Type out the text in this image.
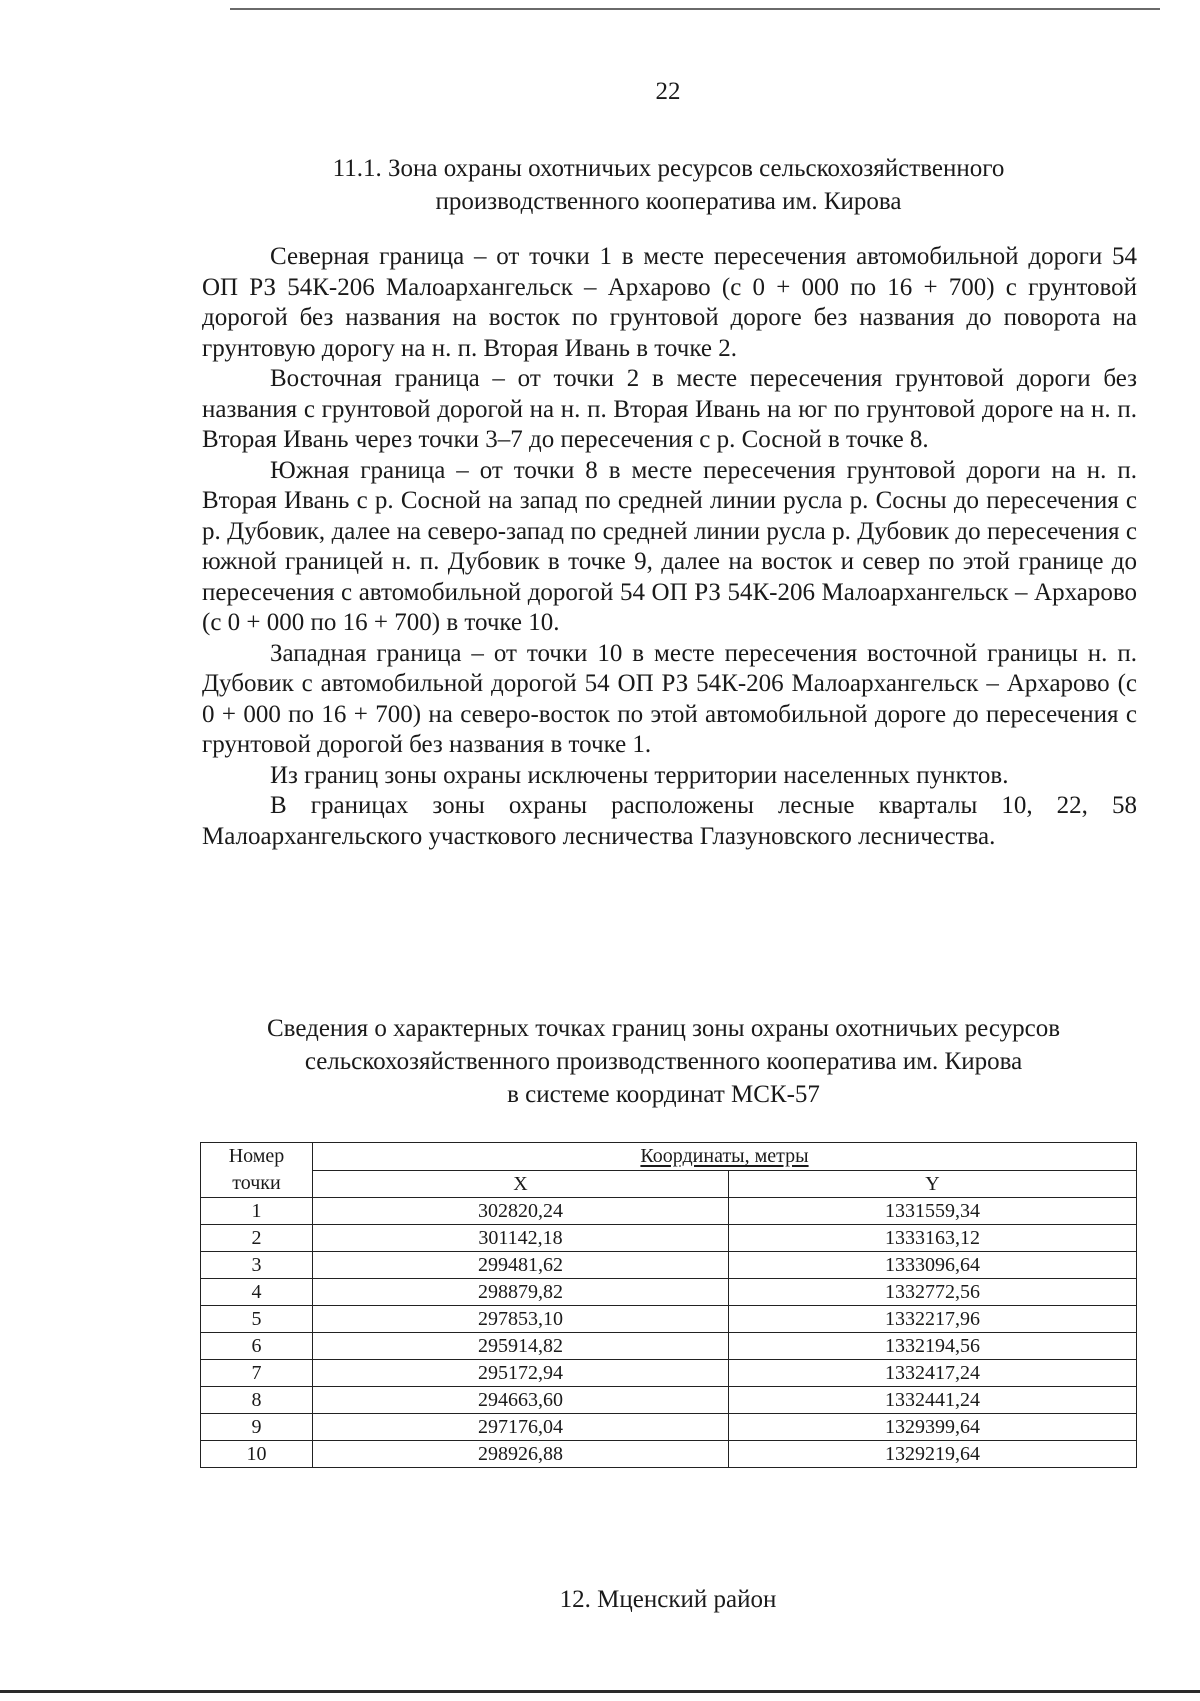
22
11.1. Зона охраны охотничьих ресурсов сельскохозяйственного
производственного кооператива им. Кирова

Северная граница – от точки 1 в месте пересечения автомобильной дороги 54 ОП РЗ 54К-206 Малоархангельск – Архарово (с 0 + 000 по 16 + 700) с грунтовой дорогой без названия на восток по грунтовой дороге без названия до поворота на грунтовую дорогу на н. п. Вторая Ивань в точке 2.

Восточная граница – от точки 2 в месте пересечения грунтовой дороги без названия с грунтовой дорогой на н. п. Вторая Ивань на юг по грунтовой дороге на н. п. Вторая Ивань через точки 3–7 до пересечения с р. Сосной в точке 8.

Южная граница – от точки 8 в месте пересечения грунтовой дороги на н. п. Вторая Ивань с р. Сосной на запад по средней линии русла р. Сосны до пересечения с р. Дубовик, далее на северо-запад по средней линии русла р. Дубовик до пересечения с южной границей н. п. Дубовик в точке 9, далее на восток и север по этой границе до пересечения с автомобильной дорогой 54 ОП РЗ 54К-206 Малоархангельск – Архарово (с 0 + 000 по 16 + 700) в точке 10.

Западная граница – от точки 10 в месте пересечения восточной границы н. п. Дубовик с автомобильной дорогой 54 ОП РЗ 54К-206 Малоархангельск – Архарово (с 0 + 000 по 16 + 700) на северо-восток по этой автомобильной дороге до пересечения с грунтовой дорогой без названия в точке 1.

Из границ зоны охраны исключены территории населенных пунктов.

В границах зоны охраны расположены лесные кварталы 10, 22, 58 Малоархангельского участкового лесничества Глазуновского лесничества.

Сведения о характерных точках границ зоны охраны охотничьих ресурсов
сельскохозяйственного производственного кооператива им. Кирова
в системе координат МСК-57
Номер
точки	Координаты, метры	
	X	Y
1	302820,24	1331559,34
2	301142,18	1333163,12
3	299481,62	1333096,64
4	298879,82	1332772,56
5	297853,10	1332217,96
6	295914,82	1332194,56
7	295172,94	1332417,24
8	294663,60	1332441,24
9	297176,04	1329399,64
10	298926,88	1329219,64
12. Мценский район
